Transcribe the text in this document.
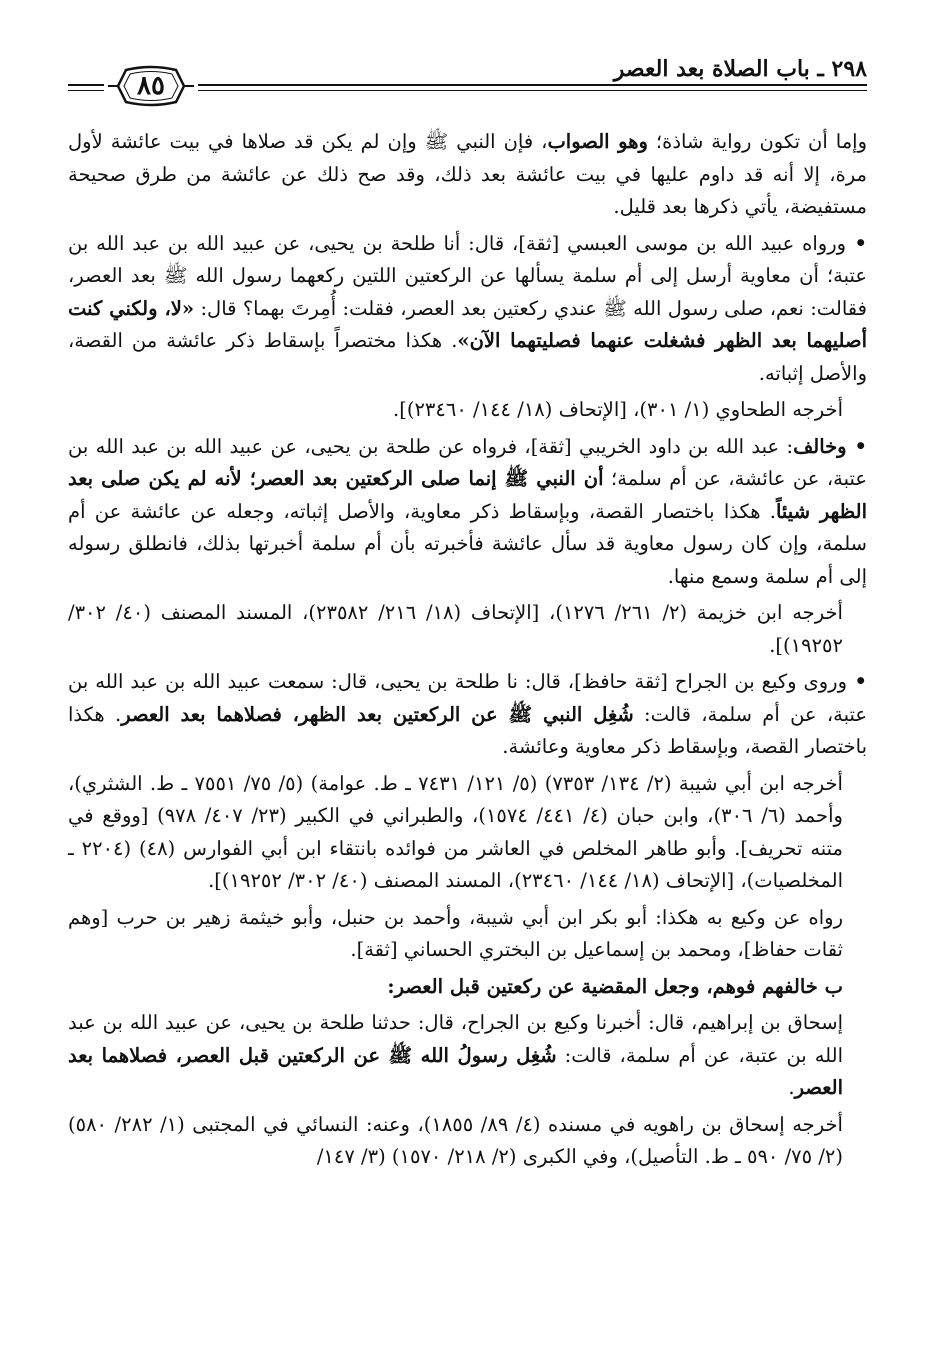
٢٩٨ ـ باب الصلاة بعد العصر
٨٥

وإما أن تكون رواية شاذة؛ وهو الصواب، فإن النبي ﷺ وإن لم يكن قد صلاها في بيت عائشة لأول مرة، إلا أنه قد داوم عليها في بيت عائشة بعد ذلك، وقد صح ذلك عن عائشة من طرق صحيحة مستفيضة، يأتي ذكرها بعد قليل.

• ورواه عبيد الله بن موسى العبسي [ثقة]، قال: أنا طلحة بن يحيى، عن عبيد الله بن عبد الله بن عتبة؛ أن معاوية أرسل إلى أم سلمة يسألها عن الركعتين اللتين ركعهما رسول الله ﷺ بعد العصر، فقالت: نعم، صلى رسول الله ﷺ عندي ركعتين بعد العصر، فقلت: أُمِرتَ بهما؟ قال: «لا، ولكني كنت أصليهما بعد الظهر فشغلت عنهما فصليتهما الآن». هكذا مختصراً بإسقاط ذكر عائشة من القصة، والأصل إثباته.

أخرجه الطحاوي (١/ ٣٠١)، [الإتحاف (١٨/ ١٤٤/ ٢٣٤٦٠)].

• وخالف: عبد الله بن داود الخريبي [ثقة]، فرواه عن طلحة بن يحيى، عن عبيد الله بن عبد الله بن عتبة، عن عائشة، عن أم سلمة؛ أن النبي ﷺ إنما صلى الركعتين بعد العصر؛ لأنه لم يكن صلى بعد الظهر شيئاً. هكذا باختصار القصة، وبإسقاط ذكر معاوية، والأصل إثباته، وجعله عن عائشة عن أم سلمة، وإن كان رسول معاوية قد سأل عائشة فأخبرته بأن أم سلمة أخبرتها بذلك، فانطلق رسوله إلى أم سلمة وسمع منها.

أخرجه ابن خزيمة (٢/ ٢٦١/ ١٢٧٦)، [الإتحاف (١٨/ ٢١٦/ ٢٣٥٨٢)، المسند المصنف (٤٠/ ٣٠٢/ ١٩٢٥٢)].

• وروى وكيع بن الجراح [ثقة حافظ]، قال: نا طلحة بن يحيى، قال: سمعت عبيد الله بن عبد الله بن عتبة، عن أم سلمة، قالت: شُغِل النبي ﷺ عن الركعتين بعد الظهر، فصلاهما بعد العصر. هكذا باختصار القصة، وبإسقاط ذكر معاوية وعائشة.

أخرجه ابن أبي شيبة (٢/ ١٣٤/ ٧٣٥٣) (٥/ ١٢١/ ٧٤٣١ ـ ط. عوامة) (٥/ ٧٥/ ٧٥٥١ ـ ط. الشثري)، وأحمد (٦/ ٣٠٦)، وابن حبان (٤/ ٤٤١/ ١٥٧٤)، والطبراني في الكبير (٢٣/ ٤٠٧/ ٩٧٨) [ووقع في متنه تحريف]. وأبو طاهر المخلص في العاشر من فوائده بانتقاء ابن أبي الفوارس (٤٨) (٢٢٠٤ ـ المخلصيات)، [الإتحاف (١٨/ ١٤٤/ ٢٣٤٦٠)، المسند المصنف (٤٠/ ٣٠٢/ ١٩٢٥٢)].

رواه عن وكيع به هكذا: أبو بكر ابن أبي شيبة، وأحمد بن حنبل، وأبو خيثمة زهير بن حرب [وهم ثقات حفاظ]، ومحمد بن إسماعيل بن البختري الحساني [ثقة].

ب خالفهم فوهم، وجعل المقضية عن ركعتين قبل العصر:

إسحاق بن إبراهيم، قال: أخبرنا وكيع بن الجراح، قال: حدثنا طلحة بن يحيى، عن عبيد الله بن عبد الله بن عتبة، عن أم سلمة، قالت: شُغِل رسولُ الله ﷺ عن الركعتين قبل العصر، فصلاهما بعد العصر.

أخرجه إسحاق بن راهويه في مسنده (٤/ ٨٩/ ١٨٥٥)، وعنه: النسائي في المجتبى (١/ ٢٨٢/ ٥٨٠) (٢/ ٧٥/ ٥٩٠ ـ ط. التأصيل)، وفي الكبرى (٢/ ٢١٨/ ١٥٧٠) (٣/ ١٤٧/
